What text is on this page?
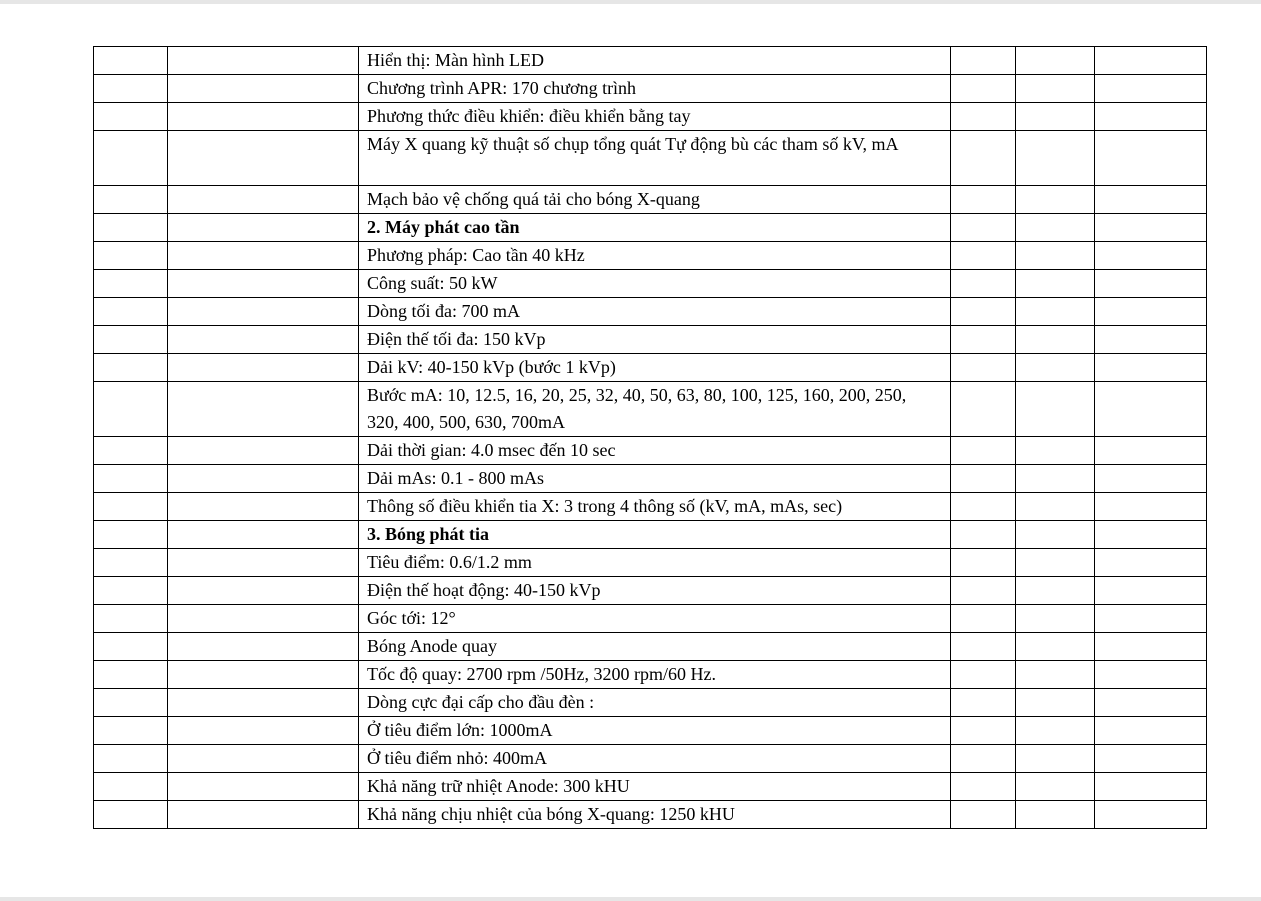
		Hiển thị: Màn hình LED			
		Chương trình APR: 170 chương trình			
		Phương thức điều khiển: điều khiển bằng tay			
		Máy X quang kỹ thuật số chụp tổng quát Tự động bù các tham số kV, mA			
		Mạch bảo vệ chống quá tải cho bóng X-quang			
		2. Máy phát cao tần			
		Phương pháp: Cao tần 40 kHz			
		Công suất: 50 kW			
		Dòng tối đa: 700 mA			
		Điện thế tối đa: 150 kVp			
		Dải kV: 40-150 kVp (bước 1 kVp)			
		Bước mA: 10, 12.5, 16, 20, 25, 32, 40, 50, 63, 80, 100, 125, 160, 200, 250, 320, 400, 500, 630, 700mA			
		Dải thời gian: 4.0 msec đến 10 sec			
		Dải mAs: 0.1 - 800 mAs			
		Thông số điều khiển tia X: 3 trong 4 thông số (kV, mA, mAs, sec)			
		3. Bóng phát tia			
		Tiêu điểm: 0.6/1.2 mm			
		Điện thế hoạt động: 40-150 kVp			
		Góc tới: 12°			
		Bóng Anode quay			
		Tốc độ quay: 2700 rpm /50Hz, 3200 rpm/60 Hz.			
		Dòng cực đại cấp cho đầu đèn :			
		Ở tiêu điểm lớn: 1000mA			
		Ở tiêu điểm nhỏ: 400mA			
		Khả năng trữ nhiệt Anode: 300 kHU			
		Khả năng chịu nhiệt của bóng X-quang: 1250 kHU			
